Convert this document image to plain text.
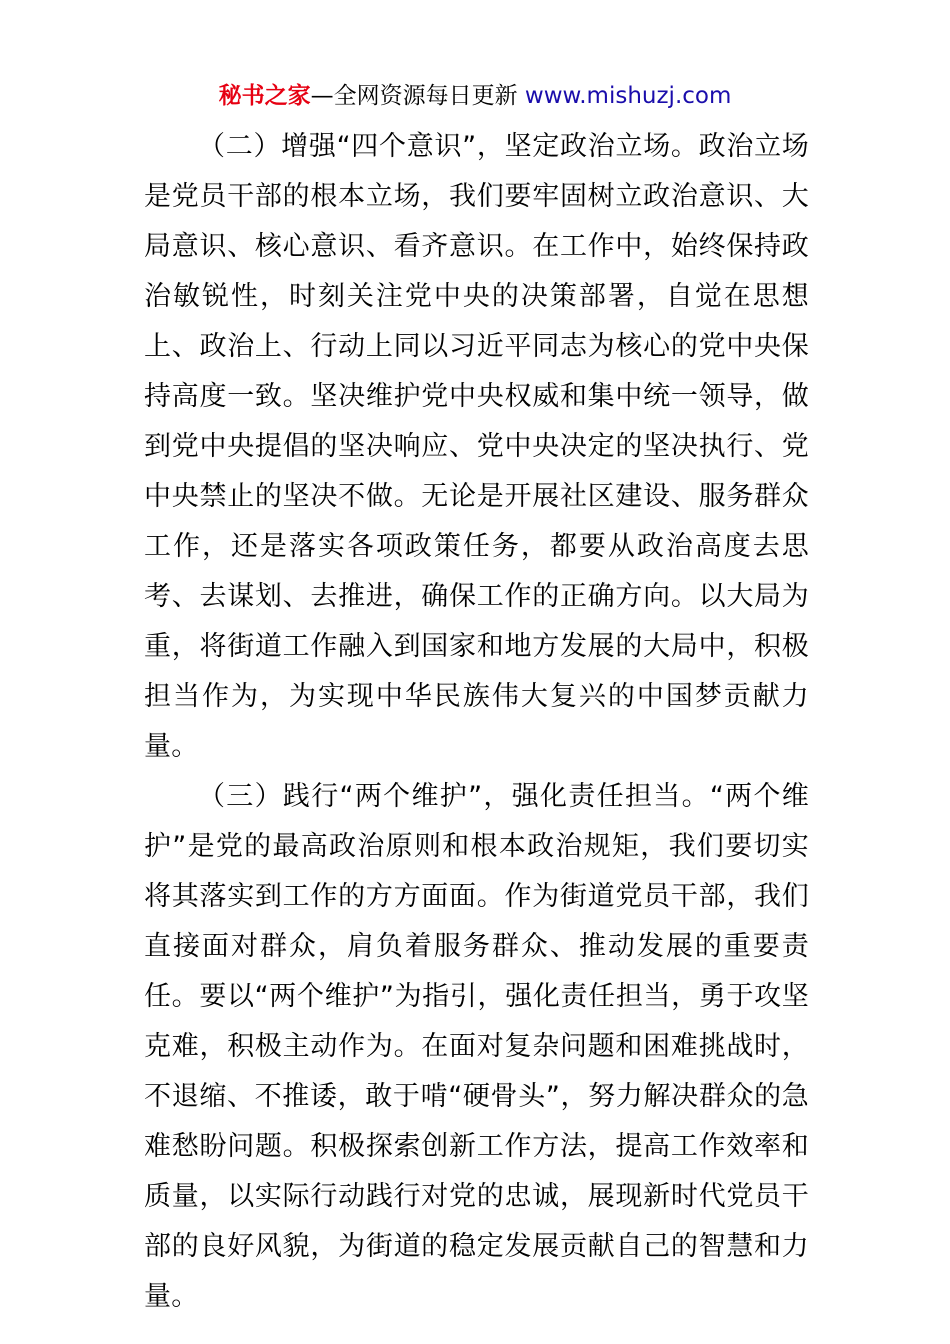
秘书之家—全网资源每日更新 www.mishuzj.com

（二）增强“四个意识”，坚定政治立场。政治立场是党员干部的根本立场，我们要牢固树立政治意识、大局意识、核心意识、看齐意识。在工作中，始终保持政治敏锐性，时刻关注党中央的决策部署，自觉在思想上、政治上、行动上同以习近平同志为核心的党中央保持高度一致。坚决维护党中央权威和集中统一领导，做到党中央提倡的坚决响应、党中央决定的坚决执行、党中央禁止的坚决不做。无论是开展社区建设、服务群众工作，还是落实各项政策任务，都要从政治高度去思考、去谋划、去推进，确保工作的正确方向。以大局为重，将街道工作融入到国家和地方发展的大局中，积极担当作为，为实现中华民族伟大复兴的中国梦贡献力量。

（三）践行“两个维护”，强化责任担当。“两个维护”是党的最高政治原则和根本政治规矩，我们要切实将其落实到工作的方方面面。作为街道党员干部，我们直接面对群众，肩负着服务群众、推动发展的重要责任。要以“两个维护”为指引，强化责任担当，勇于攻坚克难，积极主动作为。在面对复杂问题和困难挑战时，不退缩、不推诿，敢于啃“硬骨头”，努力解决群众的急难愁盼问题。积极探索创新工作方法，提高工作效率和质量，以实际行动践行对党的忠诚，展现新时代党员干部的良好风貌，为街道的稳定发展贡献自己的智慧和力量。
